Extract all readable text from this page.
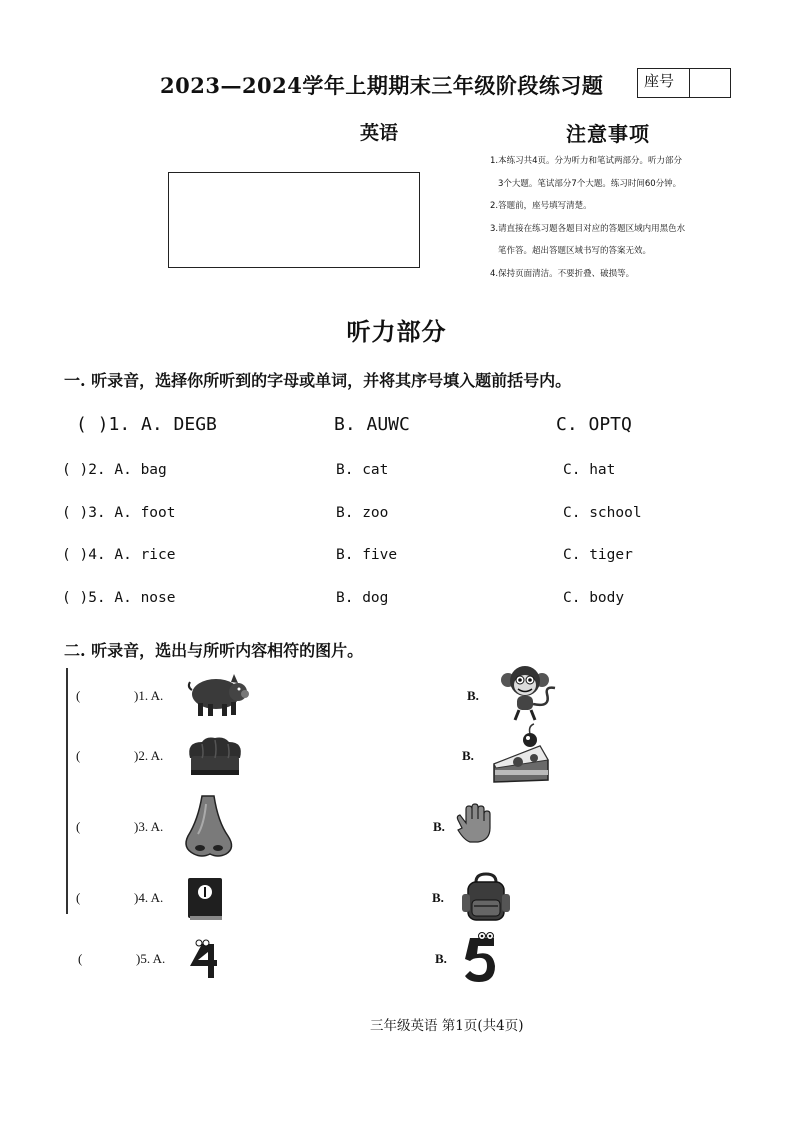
2023—2024学年上期期末三年级阶段练习题	座号
英语	注意事项
1.本练习共4页。分为听力和笔试两部分。听力部分
3个大题。笔试部分7个大题。练习时间60分钟。
2.答题前，座号填写清楚。
3.请直接在练习题各题目对应的答题区域内用黑色水
笔作答。超出答题区域书写的答案无效。
4.保持页面清洁。不要折叠、破损等。
听力部分
一. 听录音，选择你所听到的字母或单词，并将其序号填入题前括号内。
( )1. A. DEGB	B. AUWC	C. OPTQ
( )2. A. bag	B. cat	C. hat
( )3. A. foot	B. zoo	C. school
( )4. A. rice	B. five	C. tiger
( )5. A. nose	B. dog	C. body
二. 听录音，选出与所听内容相符的图片。
(	)1. A.	B.
(	)2. A.	B.
(	)3. A.	B.
(	)4. A.	B.
(	)5. A.	B.
三年级英语 第1页(共4页)
